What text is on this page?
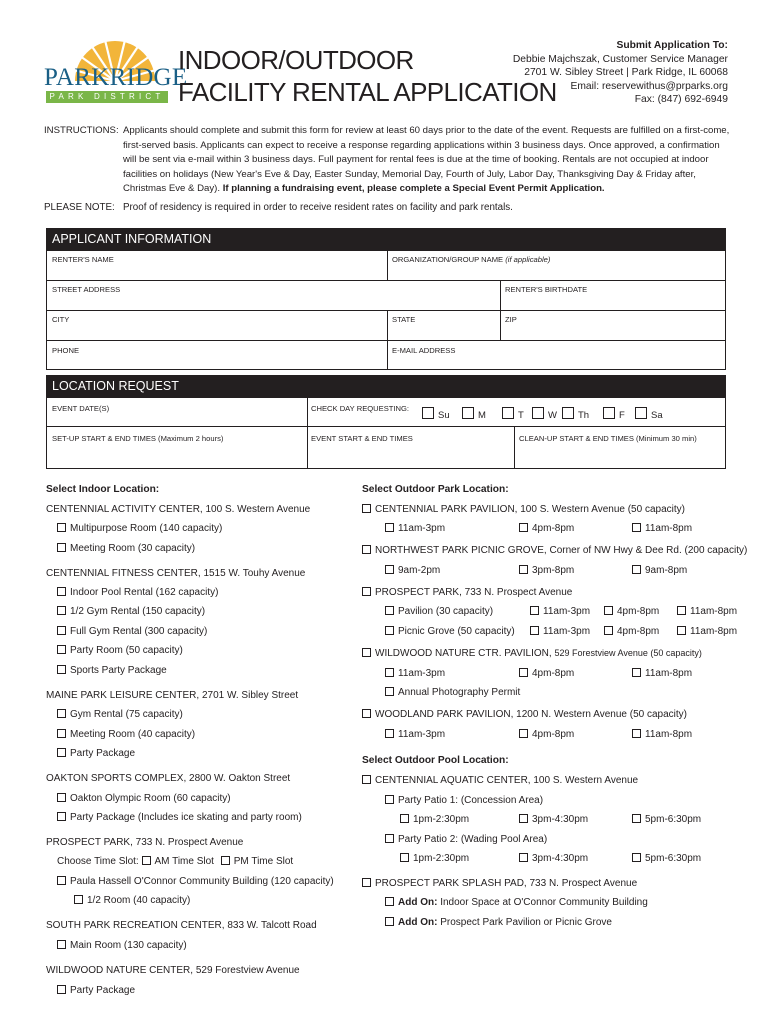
PARKRIDGE
PARK DISTRICT
INDOOR/OUTDOOR
FACILITY RENTAL APPLICATION
Submit Application To:
Debbie Majchszak, Customer Service Manager
2701 W. Sibley Street | Park Ridge, IL 60068
Email: reservewithus@prparks.org
Fax: (847) 692-6949
INSTRUCTIONS: Applicants should complete and submit this form for review at least 60 days prior to the date of the event. Requests are fulfilled on a first-come, first-served basis. Applicants can expect to receive a response regarding applications within 3 business days. Once approved, a confirmation will be sent via e-mail within 3 business days. Full payment for rental fees is due at the time of booking. Rentals are not occupied at indoor facilities on holidays (New Year's Eve & Day, Easter Sunday, Memorial Day, Fourth of July, Labor Day, Thanksgiving Day & Friday after, Christmas Eve & Day). If planning a fundraising event, please complete a Special Event Permit Application.
PLEASE NOTE: Proof of residency is required in order to receive resident rates on facility and park rentals.
APPLICANT INFORMATION
RENTER'S NAME	ORGANIZATION/GROUP NAME (if applicable)
STREET ADDRESS	RENTER'S BIRTHDATE
CITY	STATE	ZIP
PHONE	E-MAIL ADDRESS
LOCATION REQUEST
EVENT DATE(S)	CHECK DAY REQUESTING:
SET-UP START & END TIMES (Maximum 2 hours)	EVENT START & END TIMES	CLEAN-UP START & END TIMES (Minimum 30 min)
Su	M	T	W	Th	F	Sa
Select Indoor Location:
CENTENNIAL ACTIVITY CENTER, 100 S. Western Avenue
Multipurpose Room (140 capacity)
Meeting Room (30 capacity)
CENTENNIAL FITNESS CENTER, 1515 W. Touhy Avenue
Indoor Pool Rental (162 capacity)
1/2 Gym Rental (150 capacity)
Full Gym Rental (300 capacity)
Party Room (50 capacity)
Sports Party Package
MAINE PARK LEISURE CENTER, 2701 W. Sibley Street
Gym Rental (75 capacity)
Meeting Room (40 capacity)
Party Package
OAKTON SPORTS COMPLEX, 2800 W. Oakton Street
Oakton Olympic Room (60 capacity)
Party Package (Includes ice skating and party room)
PROSPECT PARK, 733 N. Prospect Avenue
Choose Time Slot: AM Time Slot PM Time Slot
Paula Hassell O'Connor Community Building (120 capacity)
1/2 Room (40 capacity)
SOUTH PARK RECREATION CENTER, 833 W. Talcott Road
Main Room (130 capacity)
WILDWOOD NATURE CENTER, 529 Forestview Avenue
Party Package
Select Outdoor Park Location:
CENTENNIAL PARK PAVILION, 100 S. Western Avenue (50 capacity)
11am-3pm	4pm-8pm	11am-8pm
NORTHWEST PARK PICNIC GROVE, Corner of NW Hwy & Dee Rd. (200 capacity)
9am-2pm	3pm-8pm	9am-8pm
PROSPECT PARK, 733 N. Prospect Avenue
Pavilion (30 capacity)	11am-3pm	4pm-8pm	11am-8pm
Picnic Grove (50 capacity)	11am-3pm	4pm-8pm	11am-8pm
WILDWOOD NATURE CTR. PAVILION, 529 Forestview Avenue (50 capacity)
11am-3pm	4pm-8pm	11am-8pm
Annual Photography Permit
WOODLAND PARK PAVILION, 1200 N. Western Avenue (50 capacity)
11am-3pm	4pm-8pm	11am-8pm
Select Outdoor Pool Location:
CENTENNIAL AQUATIC CENTER, 100 S. Western Avenue
Party Patio 1: (Concession Area)
1pm-2:30pm	3pm-4:30pm	5pm-6:30pm
Party Patio 2: (Wading Pool Area)
1pm-2:30pm	3pm-4:30pm	5pm-6:30pm
PROSPECT PARK SPLASH PAD, 733 N. Prospect Avenue
Add On: Indoor Space at O'Connor Community Building
Add On: Prospect Park Pavilion or Picnic Grove
